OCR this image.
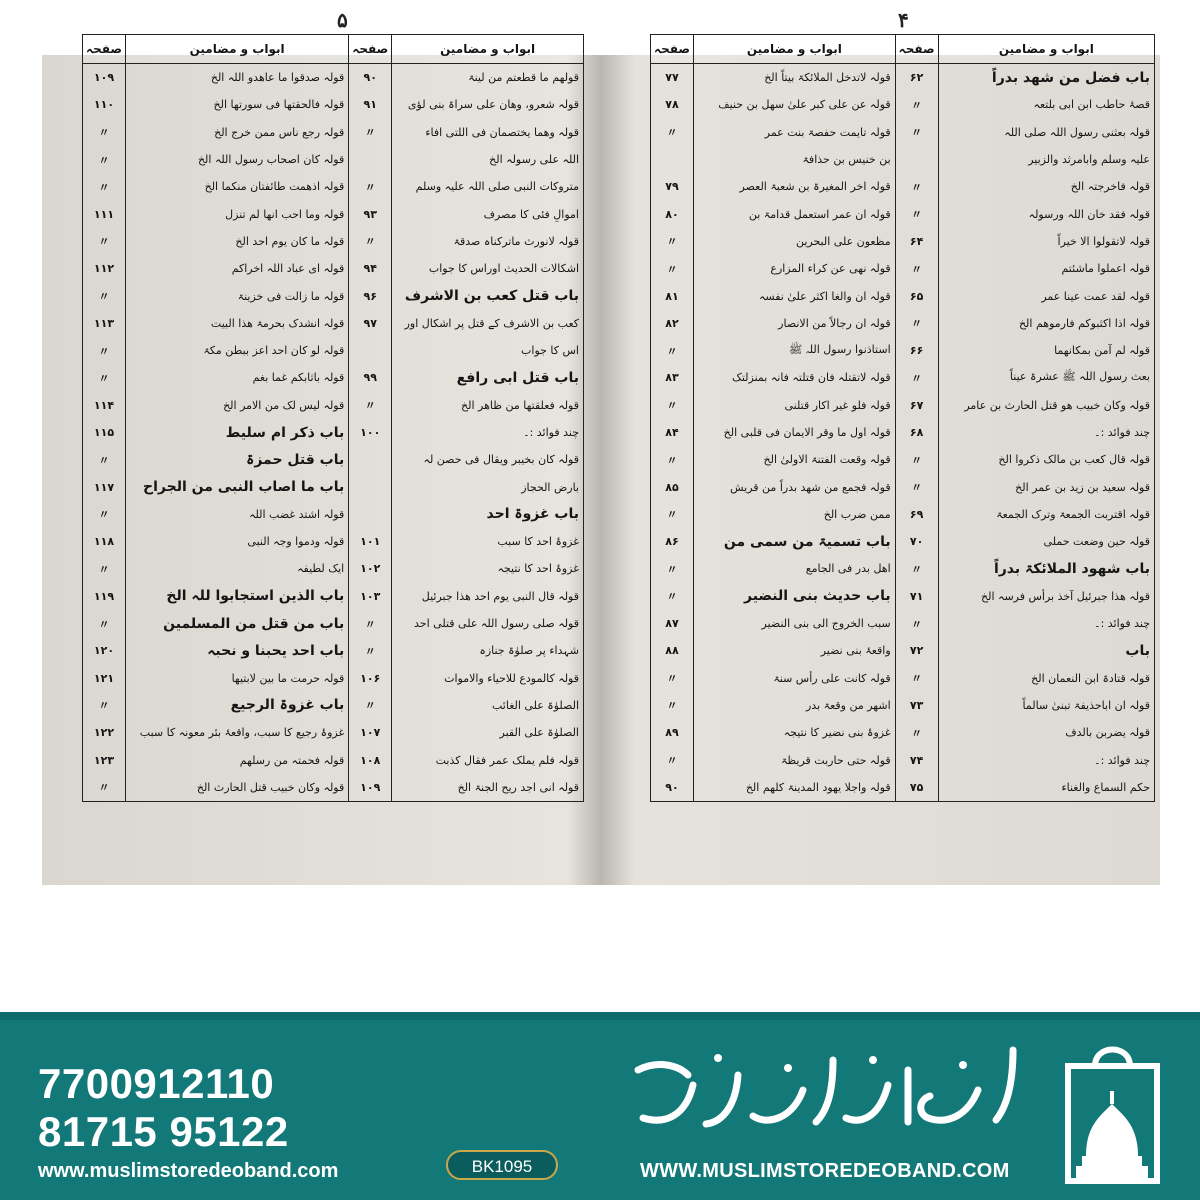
۵
ابواب و مضامین	صفحہ	ابواب و مضامین	صفحہ
قولھم ما قطعتم من لینۃ	۹۰	قولہ صدقوا ما عاھدو اللہ الخ	۱۰۹
قولہ شعرو، وھان علی سراۃ بنی لؤی	۹۱	قولہ فالحقتھا فی سورتھا الخ	۱۱۰
قولہ وھما یختصمان فی اللتی افاء	〃	قولہ رجع ناس ممن خرج الخ	〃
اللہ علی رسولہ الخ		قولہ کان اصحاب رسول اللہ الخ	〃
متروکات النبی صلی اللہ علیہ وسلم	〃	قولہ اذھمت طائفتان منکما الخ	〃
اموالِ فئی کا مصرف	۹۳	قولہ وما احب انھا لم تنزل	۱۱۱
قولہ لانورث ماترکناہ صدقۃ	〃	قولہ ما کان یوم احد الخ	〃
اشکالات الحدیث اوراس کا جواب	۹۴	قولہ ای عباد اللہ اخراکم	۱۱۲
باب قتل کعب بن الاشرف	۹۶	قولہ ما زالت فی خزینۃ	〃
کعب بن الاشرف کے قتل پر اشکال اور	۹۷	قولہ انشدک بحرمۃ ھذا البیت	۱۱۳
اس کا جواب		قولہ لو کان احد اعز ببطن مکۃ	〃
باب قتل ابی رافع	۹۹	قولہ باثابکم غما بغم	〃
قولہ فعلقتھا من ظاھر الخ	〃	قولہ لیس لک من الامر الخ	۱۱۴
چند فوائد :۔	۱۰۰	باب ذکر ام سلیط	۱۱۵
قولہ کان بخیبر ویقال فی حصن لہ		باب قتل حمزۃ	〃
بارض الحجاز		باب ما اصاب النبی من الجراح	۱۱۷
باب غزوۃ احد		قولہ اشتد غضب اللہ	〃
غزوۂ احد کا سبب	۱۰۱	قولہ ودموا وجہ النبی	۱۱۸
غزوۂ احد کا نتیجہ	۱۰۲	ایک لطیفہ	〃
قولہ قال النبی یوم احد ھذا جبرئیل	۱۰۳	باب الذین استجابوا للہ الخ	۱۱۹
قولہ صلی رسول اللہ علی قتلی احد	〃	باب من قتل من المسلمین	〃
شہداء پر صلوٰۃ جنازہ	〃	باب احد یحبنا و نحبہ	۱۲۰
قولہ کالمودع للاحیاء والاموات	۱۰۶	قولہ حرمت ما بین لابتیھا	۱۲۱
الصلوٰۃ علی الغائب	〃	باب غزوۃ الرجیع	〃
الصلوٰۃ علی القبر	۱۰۷	غزوۂ رجیع کا سبب، واقعۂ بئر معونہ کا سبب	۱۲۲
قولہ فلم یملک عمر فقال کذبت	۱۰۸	قولہ فحمتہ من رسلھم	۱۲۳
قولہ انی اجد ریح الجنۃ الخ	۱۰۹	قولہ وکان خبیب قتل الحارث الخ	〃
۴
ابواب و مضامین	صفحہ	ابواب و مضامین	صفحہ
باب فضل من شھد بدراً	۶۲	قولہ لاتدخل الملائکۃ بیتاً الخ	۷۷
قصۂ حاطب ابن ابی بلتعہ	〃	قولہ عن علی کبر علیٰ سھل بن حنیف	۷۸
قولہ بعثنی رسول اللہ صلی اللہ	〃	قولہ تایمت حفصۃ بنت عمر	〃
علیہ وسلم وابامرثد والزبیر		بن خنیس بن حذافۃ	
قولہ فاخرجتہ الخ	〃	قولہ اخر المغیرۃ بن شعبۃ العصر	۷۹
قولہ فقد خان اللہ ورسولہ	〃	قولہ ان عمر استعمل قدامۃ بن	۸۰
قولہ لاتقولوا الا خیراً	۶۴	مظعون علی البحرین	〃
قولہ اعملوا ماشئتم	〃	قولہ نھی عن کراء المزارع	〃
قولہ لقد عمت عینا عمر	۶۵	قولہ ان والغا اکثر علیٰ نفسہ	۸۱
قولہ اذا اکثبوکم فارموھم الخ	〃	قولہ ان رجالاً من الانصار	۸۲
قولہ لم آمن بمکانھما	۶۶	استاذنوا رسول اللہ ﷺ	〃
بعث رسول اللہ ﷺ عشرۃ عیناً	〃	قولہ لاتقتلہ فان قتلتہ فانہ بمنزلتک	۸۳
قولہ وکان خبیب ھو قتل الحارث بن عامر	۶۷	قولہ فلو غیر اکار قتلنی	〃
چند فوائد :۔	۶۸	قولہ اول ما وقر الایمان فی قلبی الخ	۸۴
قولہ قال کعب بن مالک ذکروا الخ	〃	قولہ وقعت الفتنۃ الاولیٰ الخ	〃
قولہ سعید بن زید بن عمر الخ	〃	قولہ فجمع من شھد بدراً من قریش	۸۵
قولہ اقتربت الجمعۃ وترک الجمعۃ	۶۹	ممن ضرب الخ	〃
قولہ حین وضعت حملی	۷۰	باب تسمیۃ من سمی من	۸۶
باب شھود الملائکۃ بدراً	〃	اھل بدر فی الجامع	〃
قولہ ھذا جبرئیل آخذ برأس فرسہ الخ	۷۱	باب حدیث بنی النضیر	〃
چند فوائد :۔	〃	سبب الخروج الی بنی النضیر	۸۷
باب	۷۲	واقعۂ بنی نضیر	۸۸
قولہ قتادۃ ابن النعمان الخ	〃	قولہ کانت علی رأس سنۃ	〃
قولہ ان اباحذیفۃ تبنیٰ سالماً	۷۳	اشھر من وقعۃ بدر	〃
قولہ یضربن بالدف	〃	غزوۂ بنی نضیر کا نتیجہ	۸۹
چند فوائد :۔	۷۴	قولہ حتی حاربت قریظۃ	〃
حکم السماع والغناء	۷۵	قولہ واجلا یھود المدینۃ کلھم الخ	۹۰
7700912110
81715 95122
www.muslimstoredeoband.com	BK1095	WWW.MUSLIMSTOREDEOBAND.COM
